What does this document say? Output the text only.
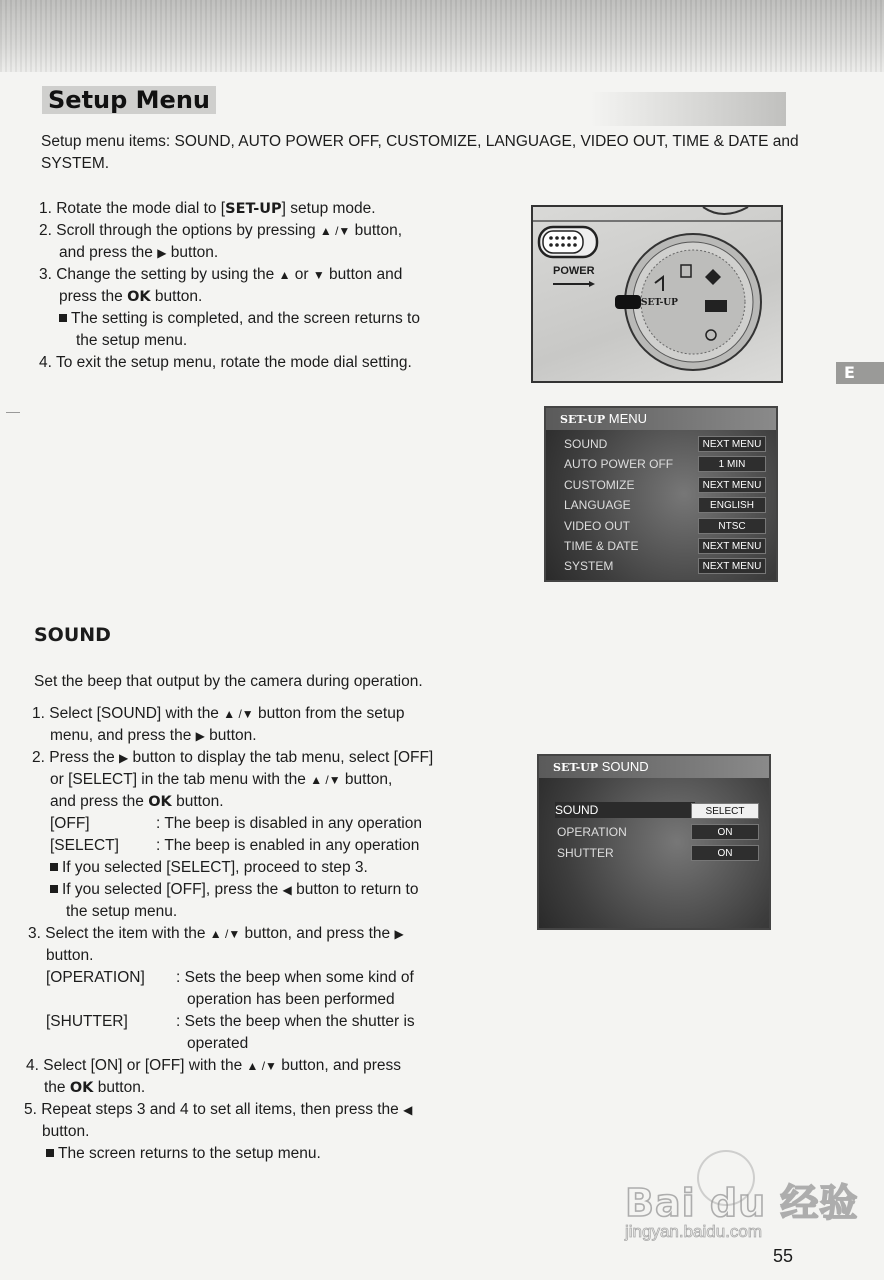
Setup Menu

Setup menu items: SOUND, AUTO POWER OFF, CUSTOMIZE, LANGUAGE, VIDEO OUT, TIME & DATE and SYSTEM.

1. Rotate the mode dial to [SET-UP] setup mode.
2. Scroll through the options by pressing ▲ /▼ button,
and press the ▶ button.
3. Change the setting by using the ▲ or ▼ button and
press the OK button.
The setting is completed, and the screen returns to
the setup menu.
4. To exit the setup menu, rotate the mode dial setting.
POWER
SET-UP
E
SET-UP MENU
SOUND	NEXT MENU
AUTO POWER OFF	1 MIN
CUSTOMIZE	NEXT MENU
LANGUAGE	ENGLISH
VIDEO OUT	NTSC
TIME & DATE	NEXT MENU
SYSTEM	NEXT MENU
SOUND

Set the beep that output by the camera during operation.

1. Select [SOUND] with the ▲ /▼ button from the setup
menu, and press the ▶ button.
2. Press the ▶ button to display the tab menu, select [OFF]
or [SELECT] in the tab menu with the ▲ /▼ button,
and press the OK button.
[OFF]	: The beep is disabled in any operation
[SELECT] : The beep is enabled in any operation
If you selected [SELECT], proceed to step 3.
If you selected [OFF], press the ◀ button to return to
the setup menu.
3. Select the item with the ▲ /▼ button, and press the ▶
button.
[OPERATION] : Sets the beep when some kind of
operation has been performed
[SHUTTER]	: Sets the beep when the shutter is
operated
4. Select [ON] or [OFF] with the ▲ /▼ button, and press
the OK button.
5. Repeat steps 3 and 4 to set all items, then press the ◀
button.
The screen returns to the setup menu.
SET-UP SOUND
SOUND	SELECT
OPERATION	ON
SHUTTER	ON
Bai du 经验
jingyan.baidu.com
55
